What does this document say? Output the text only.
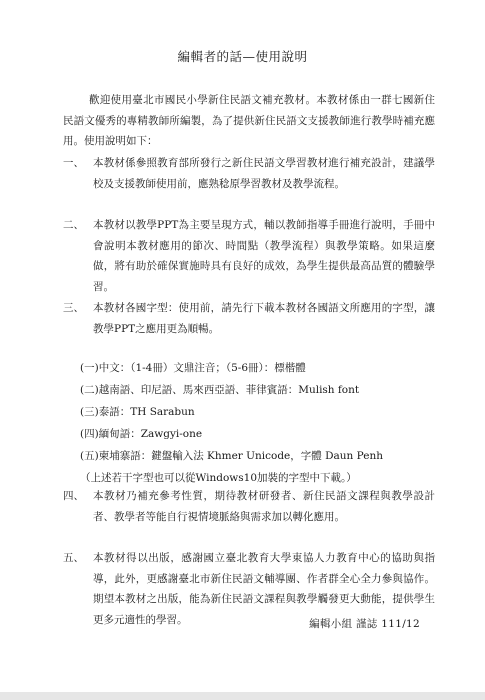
編輯者的話—使用說明
歡迎使用臺北市國民小學新住民語文補充教材。本教材係由一群七國新住民語文優秀的專精教師所編製，為了提供新住民語文支援教師進行教學時補充應用。使用說明如下：
一、 本教材係參照教育部所發行之新住民語文學習教材進行補充設計，建議學校及支援教師使用前，應熟稔原學習教材及教學流程。
二、 本教材以教學PPT為主要呈現方式，輔以教師指導手冊進行說明，手冊中會說明本教材應用的節次、時間點（教學流程）與教學策略。如果這麼做，將有助於確保實施時具有良好的成效，為學生提供最高品質的體驗學習。
三、 本教材各國字型：使用前，請先行下載本教材各國語文所應用的字型，讓教學PPT之應用更為順暢。
(一)中文：（1-4冊）文鼎注音；（5-6冊）：標楷體
(二)越南語、印尼語、馬來西亞語、菲律賓語：Mulish font
(三)泰語：TH Sarabun
(四)緬甸語：Zawgyi-one
(五)柬埔寨語：鍵盤輸入法 Khmer Unicode，字體 Daun Penh
（上述若干字型也可以從Windows10加裝的字型中下載。）
四、 本教材乃補充參考性質，期待教材研發者、新住民語文課程與教學設計者、教學者等能自行視情境脈絡與需求加以轉化應用。
五、 本教材得以出版，感謝國立臺北教育大學東協人力教育中心的協助與指導，此外，更感謝臺北市新住民語文輔導團、作者群全心全力參與協作。期望本教材之出版，能為新住民語文課程與教學觸發更大動能，提供學生更多元適性的學習。	編輯小組 謹誌 111/12
